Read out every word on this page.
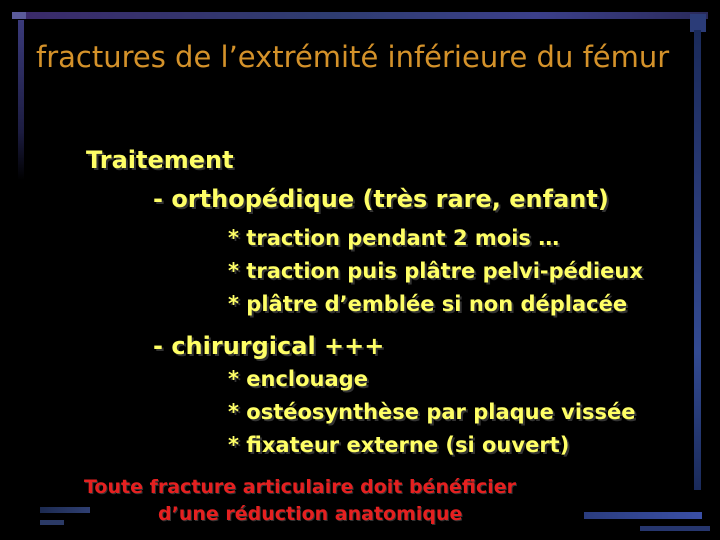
fractures de l’extrémité inférieure du fémur
Traitement
- orthopédique (très rare, enfant)
* traction pendant 2 mois …
* traction puis plâtre pelvi-pédieux
* plâtre d’emblée si non déplacée
- chirurgical +++
* enclouage
* ostéosynthèse par plaque vissée
* fixateur externe (si ouvert)
Toute fracture articulaire doit bénéficier
d’une réduction anatomique
